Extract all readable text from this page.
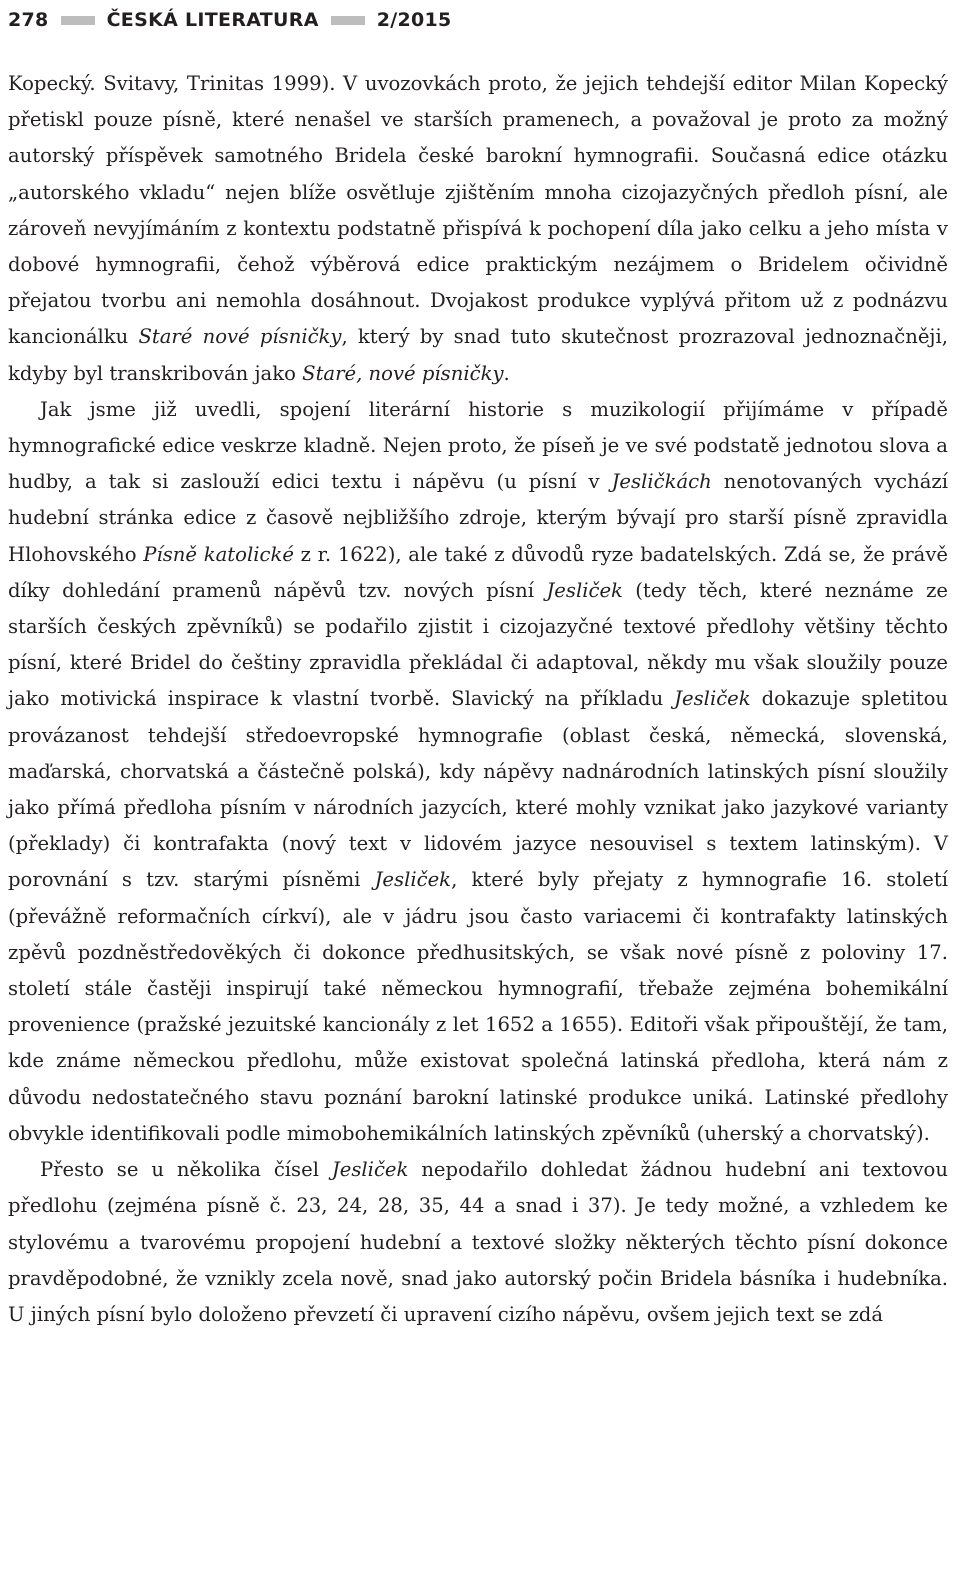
278	ČESKÁ LITERATURA	2/2015

Kopecký. Svitavy, Trinitas 1999). V uvozovkách proto, že jejich tehdejší editor Milan Kopecký přetiskl pouze písně, které nenašel ve starších pramenech, a považoval je proto za možný autorský příspěvek samotného Bridela české barokní hymnografii. Současná edice otázku „autorského vkladu“ nejen blíže osvětluje zjištěním mnoha cizojazyčných předloh písní, ale zároveň nevyjímáním z kontextu podstatně přispívá k pochopení díla jako celku a jeho místa v dobové hymnografii, čehož výběrová edice praktickým nezájmem o Bridelem očividně přejatou tvorbu ani nemohla dosáhnout. Dvojakost produkce vyplývá přitom už z podnázvu kancionálku Staré nové písničky, který by snad tuto skutečnost prozrazoval jednoznačněji, kdyby byl transkribován jako Staré, nové písničky.

Jak jsme již uvedli, spojení literární historie s muzikologií přijímáme v případě hymnografické edice veskrze kladně. Nejen proto, že píseň je ve své podstatě jednotou slova a hudby, a tak si zaslouží edici textu i nápěvu (u písní v Jesličkách nenotovaných vychází hudební stránka edice z časově nejbližšího zdroje, kterým bývají pro starší písně zpravidla Hlohovského Písně katolické z r. 1622), ale také z důvodů ryze badatelských. Zdá se, že právě díky dohledání pramenů nápěvů tzv. nových písní Jesliček (tedy těch, které neznáme ze starších českých zpěvníků) se podařilo zjistit i cizojazyčné textové předlohy většiny těchto písní, které Bridel do češtiny zpravidla překládal či adaptoval, někdy mu však sloužily pouze jako motivická inspirace k vlastní tvorbě. Slavický na příkladu Jesliček dokazuje spletitou provázanost tehdejší středoevropské hymnografie (oblast česká, německá, slovenská, maďarská, chorvatská a částečně polská), kdy nápěvy nadnárodních latinských písní sloužily jako přímá předloha písním v národních jazycích, které mohly vznikat jako jazykové varianty (překlady) či kontrafakta (nový text v lidovém jazyce nesouvisel s textem latinským). V porovnání s tzv. starými písněmi Jesliček, které byly přejaty z hymnografie 16. století (převážně reformačních církví), ale v jádru jsou často variacemi či kontrafakty latinských zpěvů pozdněstředověkých či dokonce předhusitských, se však nové písně z poloviny 17. století stále častěji inspirují také německou hymnografií, třebaže zejména bohemikální provenience (pražské jezuitské kancionály z let 1652 a 1655). Editoři však připouštějí, že tam, kde známe německou předlohu, může existovat společná latinská předloha, která nám z důvodu nedostatečného stavu poznání barokní latinské produkce uniká. Latinské předlohy obvykle identifikovali podle mimobohemikálních latinských zpěvníků (uherský a chorvatský).

Přesto se u několika čísel Jesliček nepodařilo dohledat žádnou hudební ani textovou předlohu (zejména písně č. 23, 24, 28, 35, 44 a snad i 37). Je tedy možné, a vzhledem ke stylovému a tvarovému propojení hudební a textové složky některých těchto písní dokonce pravděpodobné, že vznikly zcela nově, snad jako autorský počin Bridela básníka i hudebníka. U jiných písní bylo doloženo převzetí či upravení cizího nápěvu, ovšem jejich text se zdá
